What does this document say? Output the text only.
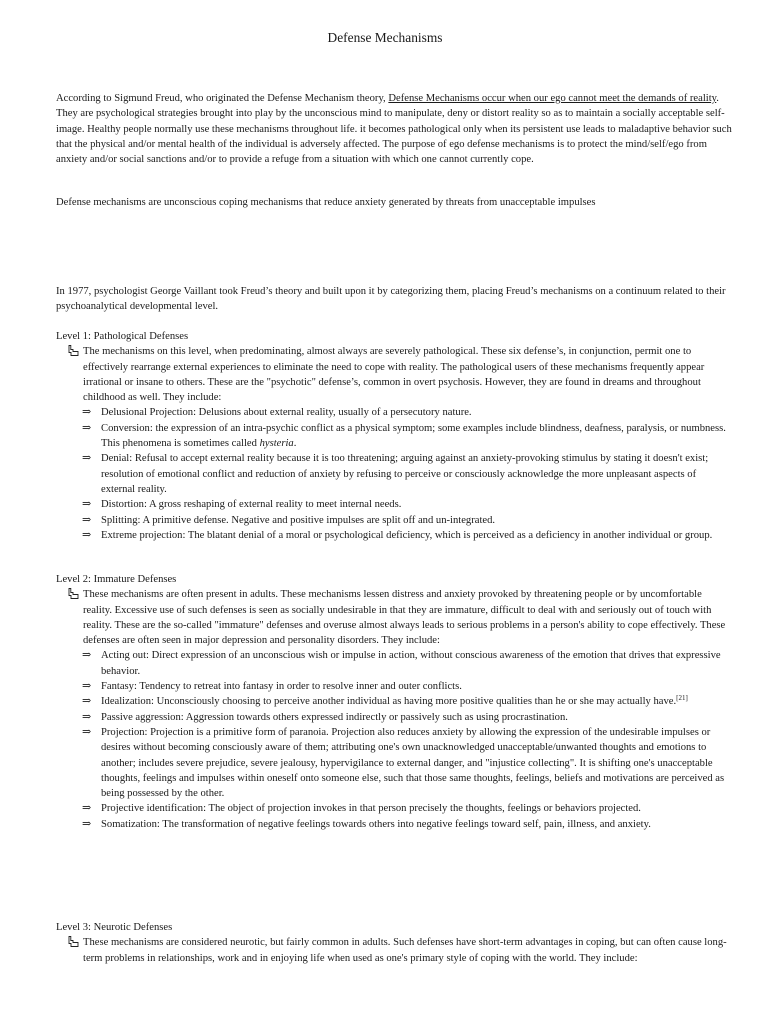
Defense Mechanisms

According to Sigmund Freud, who originated the Defense Mechanism theory, Defense Mechanisms occur when our ego cannot meet the demands of reality. They are psychological strategies brought into play by the unconscious mind to manipulate, deny or distort reality so as to maintain a socially acceptable self-image. Healthy people normally use these mechanisms throughout life. it becomes pathological only when its persistent use leads to maladaptive behavior such that the physical and/or mental health of the individual is adversely affected. The purpose of ego defense mechanisms is to protect the mind/self/ego from anxiety and/or social sanctions and/or to provide a refuge from a situation with which one cannot currently cope.

Defense mechanisms are unconscious coping mechanisms that reduce anxiety generated by threats from unacceptable impulses

In 1977, psychologist George Vaillant took Freud’s theory and built upon it by categorizing them, placing Freud’s mechanisms on a continuum related to their psychoanalytical developmental level.

Level 1: Pathological Defenses
The mechanisms on this level, when predominating, almost always are severely pathological. These six defense’s, in conjunction, permit one to effectively rearrange external experiences to eliminate the need to cope with reality. The pathological users of these mechanisms frequently appear irrational or insane to others. These are the "psychotic" defense’s, common in overt psychosis. However, they are found in dreams and throughout childhood as well. They include:
⇒ Delusional Projection: Delusions about external reality, usually of a persecutory nature.
⇒ Conversion: the expression of an intra-psychic conflict as a physical symptom; some examples include blindness, deafness, paralysis, or numbness. This phenomena is sometimes called hysteria.
⇒ Denial: Refusal to accept external reality because it is too threatening; arguing against an anxiety-provoking stimulus by stating it doesn't exist; resolution of emotional conflict and reduction of anxiety by refusing to perceive or consciously acknowledge the more unpleasant aspects of external reality.
⇒ Distortion: A gross reshaping of external reality to meet internal needs.
⇒ Splitting: A primitive defense. Negative and positive impulses are split off and un-integrated.
⇒ Extreme projection: The blatant denial of a moral or psychological deficiency, which is perceived as a deficiency in another individual or group.
Level 2: Immature Defenses
These mechanisms are often present in adults. These mechanisms lessen distress and anxiety provoked by threatening people or by uncomfortable reality. Excessive use of such defenses is seen as socially undesirable in that they are immature, difficult to deal with and seriously out of touch with reality. These are the so-called "immature" defenses and overuse almost always leads to serious problems in a person's ability to cope effectively. These defenses are often seen in major depression and personality disorders. They include:
⇒ Acting out: Direct expression of an unconscious wish or impulse in action, without conscious awareness of the emotion that drives that expressive behavior.
⇒ Fantasy: Tendency to retreat into fantasy in order to resolve inner and outer conflicts.
⇒ Idealization: Unconsciously choosing to perceive another individual as having more positive qualities than he or she may actually have.[21]
⇒ Passive aggression: Aggression towards others expressed indirectly or passively such as using procrastination.
⇒ Projection: Projection is a primitive form of paranoia. Projection also reduces anxiety by allowing the expression of the undesirable impulses or desires without becoming consciously aware of them; attributing one's own unacknowledged unacceptable/unwanted thoughts and emotions to another; includes severe prejudice, severe jealousy, hypervigilance to external danger, and "injustice collecting". It is shifting one's unacceptable thoughts, feelings and impulses within oneself onto someone else, such that those same thoughts, feelings, beliefs and motivations are perceived as being possessed by the other.
⇒ Projective identification: The object of projection invokes in that person precisely the thoughts, feelings or behaviors projected.
⇒ Somatization: The transformation of negative feelings towards others into negative feelings toward self, pain, illness, and anxiety.
Level 3: Neurotic Defenses
These mechanisms are considered neurotic, but fairly common in adults. Such defenses have short-term advantages in coping, but can often cause long-term problems in relationships, work and in enjoying life when used as one's primary style of coping with the world. They include:
